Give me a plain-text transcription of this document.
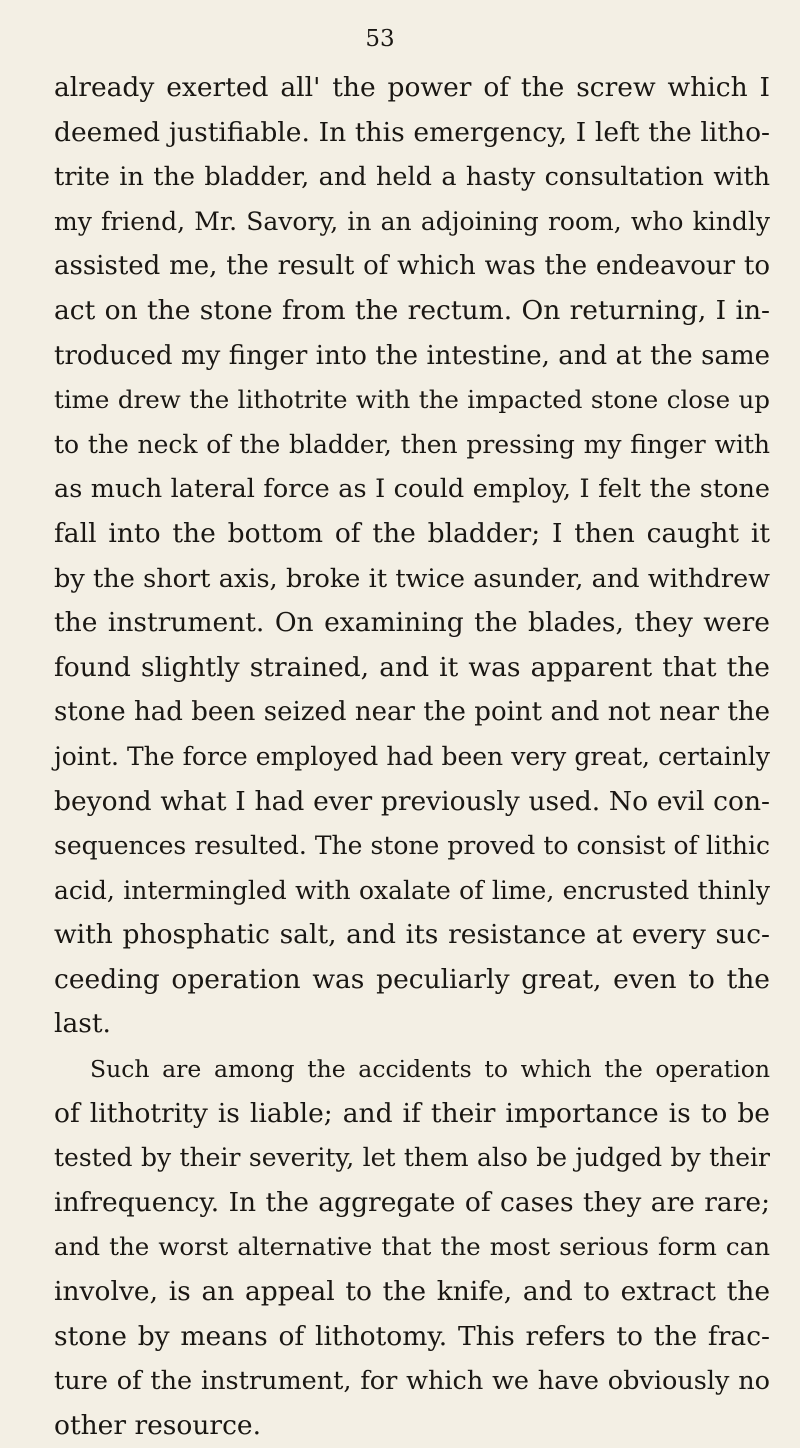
53
already exerted all' the power of the screw which I
deemed justifiable. In this emergency, I left the litho-
trite in the bladder, and held a hasty consultation with
my friend, Mr. Savory, in an adjoining room, who kindly
assisted me, the result of which was the endeavour to
act on the stone from the rectum. On returning, I in-
troduced my finger into the intestine, and at the same
time drew the lithotrite with the impacted stone close up
to the neck of the bladder, then pressing my finger with
as much lateral force as I could employ, I felt the stone
fall into the bottom of the bladder; I then caught it
by the short axis, broke it twice asunder, and withdrew
the instrument. On examining the blades, they were
found slightly strained, and it was apparent that the
stone had been seized near the point and not near the
joint. The force employed had been very great, certainly
beyond what I had ever previously used. No evil con-
sequences resulted. The stone proved to consist of lithic
acid, intermingled with oxalate of lime, encrusted thinly
with phosphatic salt, and its resistance at every suc-
ceeding operation was peculiarly great, even to the
last.
Such are among the accidents to which the operation
of lithotrity is liable; and if their importance is to be
tested by their severity, let them also be judged by their
infrequency. In the aggregate of cases they are rare;
and the worst alternative that the most serious form can
involve, is an appeal to the knife, and to extract the
stone by means of lithotomy. This refers to the frac-
ture of the instrument, for which we have obviously no
other resource.
